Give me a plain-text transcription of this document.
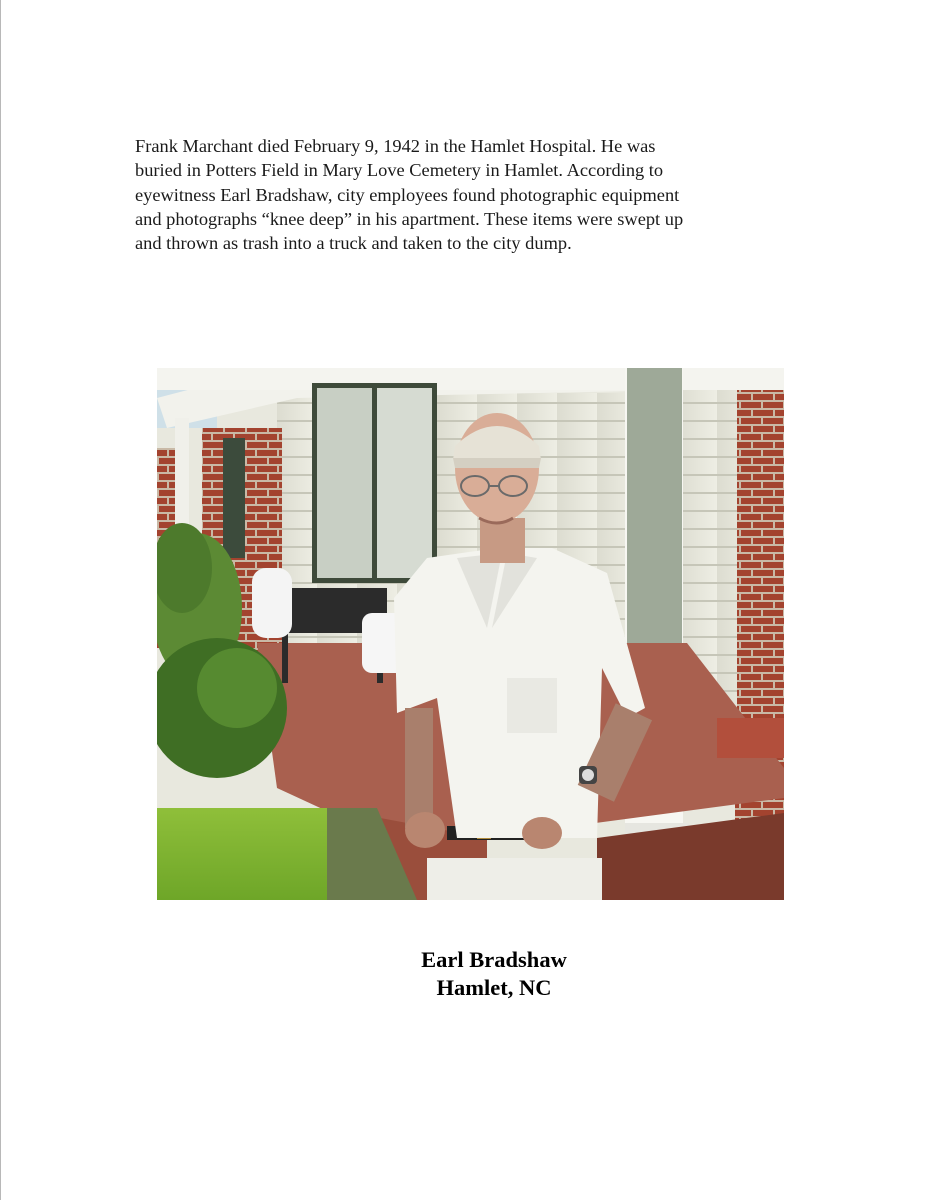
Frank Marchant died February 9, 1942 in the Hamlet Hospital. He was
buried in Potters Field in Mary Love Cemetery in Hamlet. According to
eyewitness Earl Bradshaw, city employees found photographic equipment
and photographs “knee deep” in his apartment. These items were swept up
and thrown as trash into a truck and taken to the city dump.

Earl Bradshaw
Hamlet, NC
